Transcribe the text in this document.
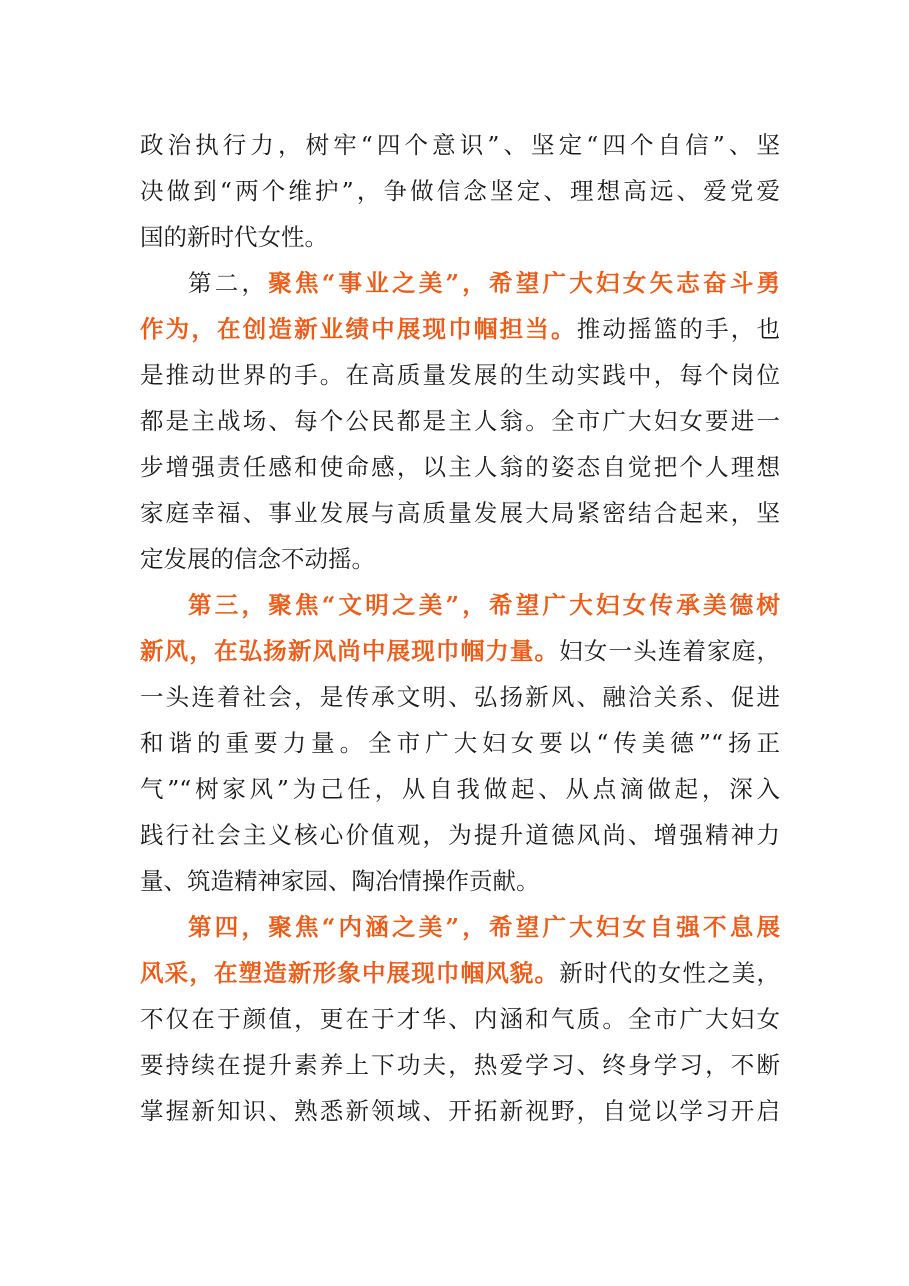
政治执行力，树牢“四个意识”、坚定“四个自信”、坚
决做到“两个维护”，争做信念坚定、理想高远、爱党爱
国的新时代女性。
第二，聚焦“事业之美”，希望广大妇女矢志奋斗勇
作为，在创造新业绩中展现巾帼担当。推动摇篮的手，也
是推动世界的手。在高质量发展的生动实践中，每个岗位
都是主战场、每个公民都是主人翁。全市广大妇女要进一
步增强责任感和使命感，以主人翁的姿态自觉把个人理想
家庭幸福、事业发展与高质量发展大局紧密结合起来，坚
定发展的信念不动摇。
第三，聚焦“文明之美”，希望广大妇女传承美德树
新风，在弘扬新风尚中展现巾帼力量。妇女一头连着家庭，
一头连着社会，是传承文明、弘扬新风、融洽关系、促进
和谐的重要力量。全市广大妇女要以“传美德”“扬正
气”“树家风”为己任，从自我做起、从点滴做起，深入
践行社会主义核心价值观，为提升道德风尚、增强精神力
量、筑造精神家园、陶冶情操作贡献。
第四，聚焦“内涵之美”，希望广大妇女自强不息展
风采，在塑造新形象中展现巾帼风貌。新时代的女性之美，
不仅在于颜值，更在于才华、内涵和气质。全市广大妇女
要持续在提升素养上下功夫，热爱学习、终身学习，不断
掌握新知识、熟悉新领域、开拓新视野，自觉以学习开启
